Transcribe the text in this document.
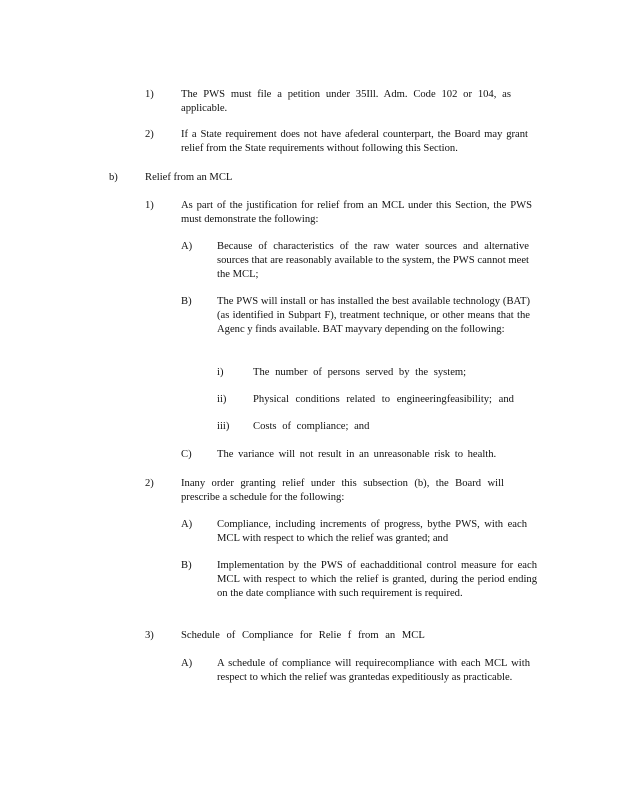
1)	The PWS must file a petition under 35Ill. Adm. Code 102 or 104, as applicable.
2)	If a State requirement does not have afederal counterpart, the Board may grant relief from the State requirements without following this Section.
b)	Relief from an MCL
1)	As part of the justification for relief from an MCL under this Section, the PWS must demonstrate the following:
A) Because of characteristics of the raw water sources and alternative sources that are reasonably available to the system, the PWS cannot meet the MCL;
B) The PWS will install or has installed the best available technology (BAT) (as identified in Subpart F), treatment technique, or other means that the Agenc y finds available. BAT mayvary depending on the following:
i)	The number of persons served by the system;
ii)	Physical conditions related to engineeringfeasibility; and
iii) Costs of compliance; and
C) The variance will not result in an unreasonable risk to health.
2)	Inany order granting relief under this subsection (b), the Board will prescribe a schedule for the following:
A) Compliance, including increments of progress, bythe PWS, with each MCL with respect to which the relief was granted; and
B) Implementation by the PWS of eachadditional control measure for each MCL with respect to which the relief is granted, during the period ending on the date compliance with such requirement is required.
3)	Schedule of Compliance for Relie f from an MCL
A) A schedule of compliance will requirecompliance with each MCL with respect to which the relief was grantedas expeditiously as practicable.
